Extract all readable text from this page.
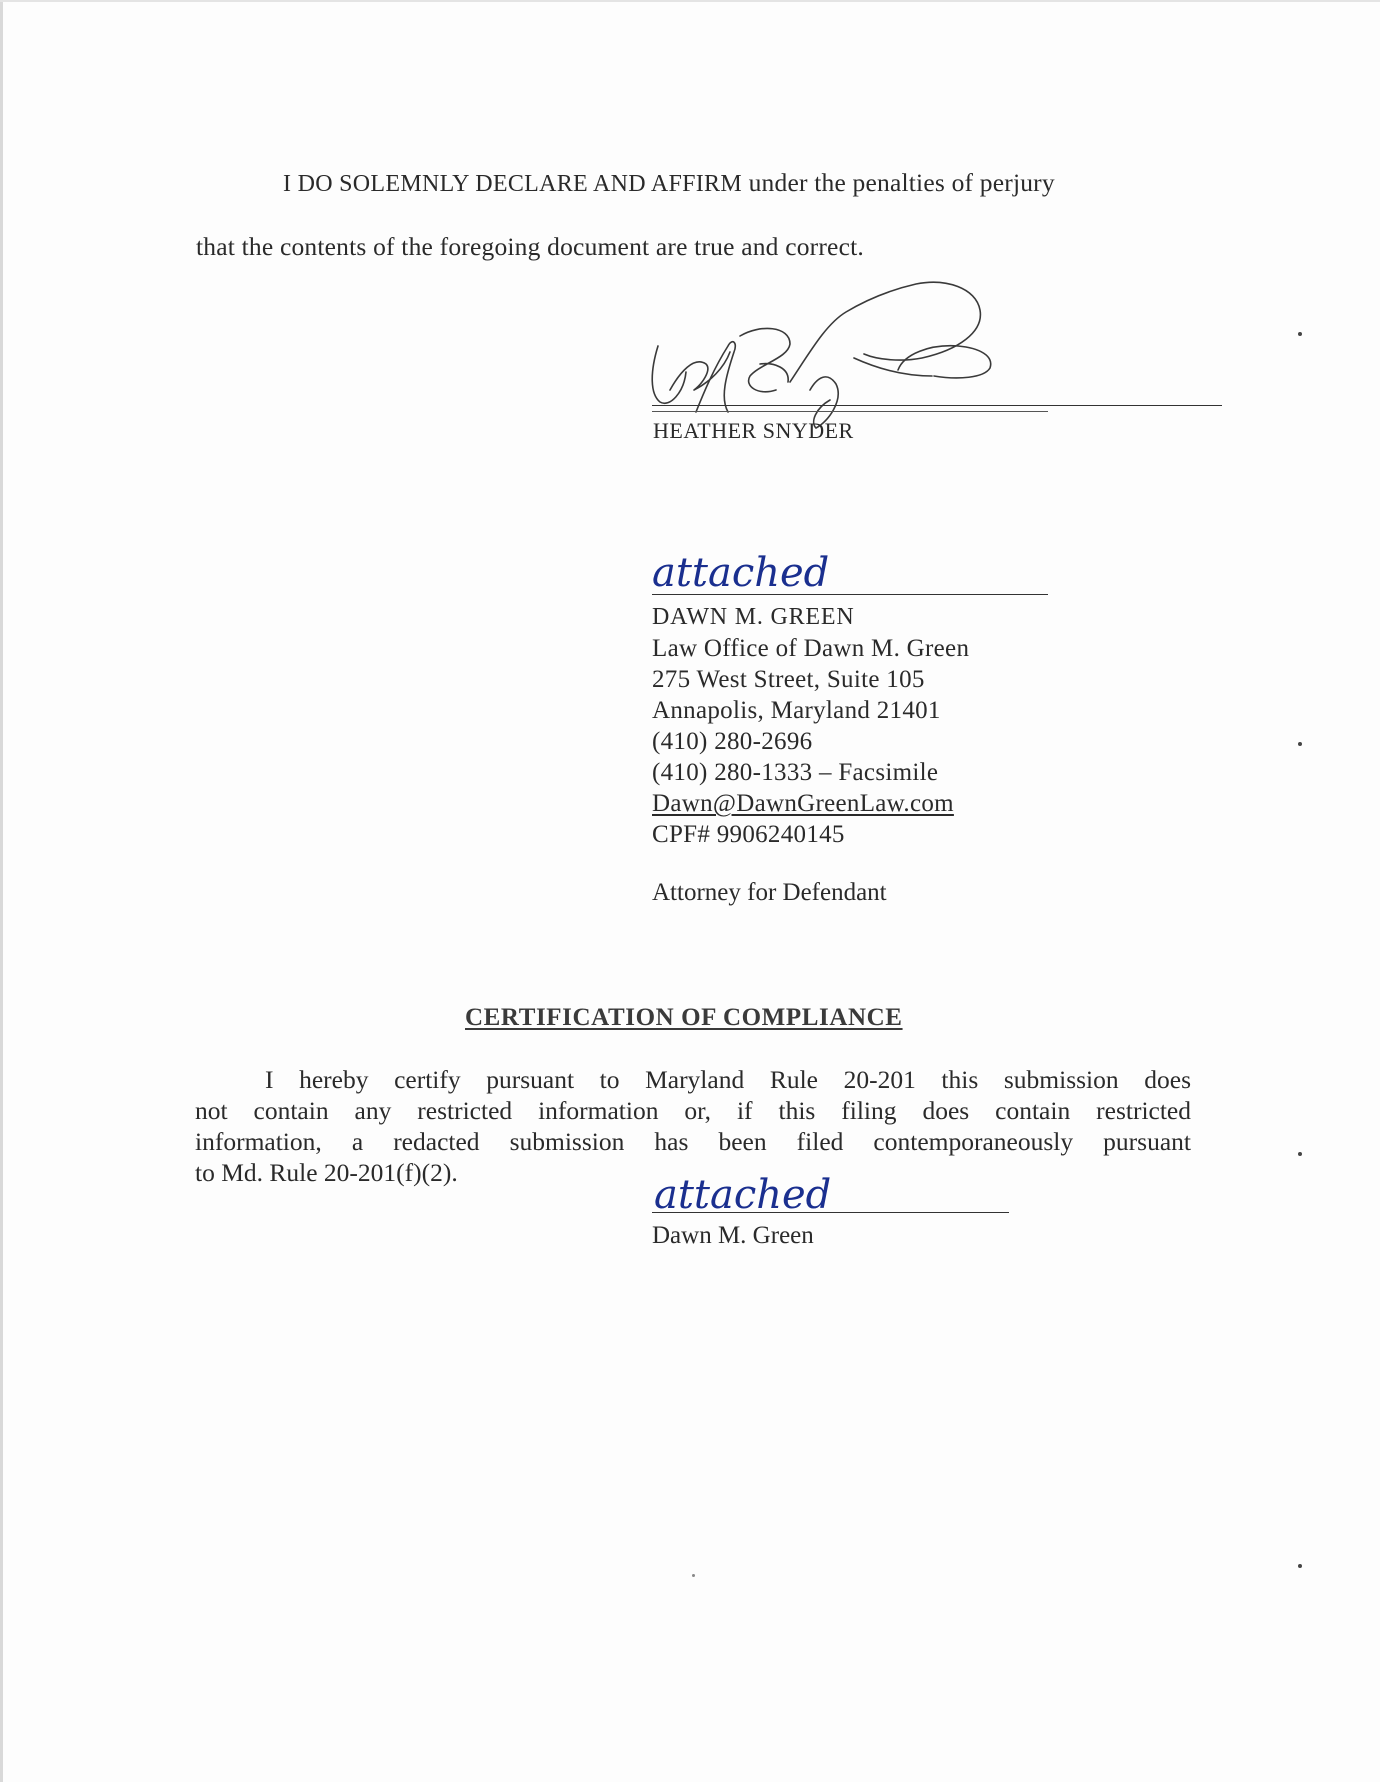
I DO SOLEMNLY DECLARE AND AFFIRM under the penalties of perjury
that the contents of the foregoing document are true and correct.
HEATHER SNYDER
attached
DAWN M. GREEN
Law Office of Dawn M. Green
275 West Street, Suite 105
Annapolis, Maryland 21401
(410) 280-2696
(410) 280-1333 – Facsimile
Dawn@DawnGreenLaw.com
CPF# 9906240145
Attorney for Defendant
CERTIFICATION OF COMPLIANCE
I hereby certify pursuant to Maryland Rule 20-201 this submission does
not contain any restricted information or, if this filing does contain restricted
information, a redacted submission has been filed contemporaneously pursuant
to Md. Rule 20-201(f)(2).	attached
Dawn M. Green
